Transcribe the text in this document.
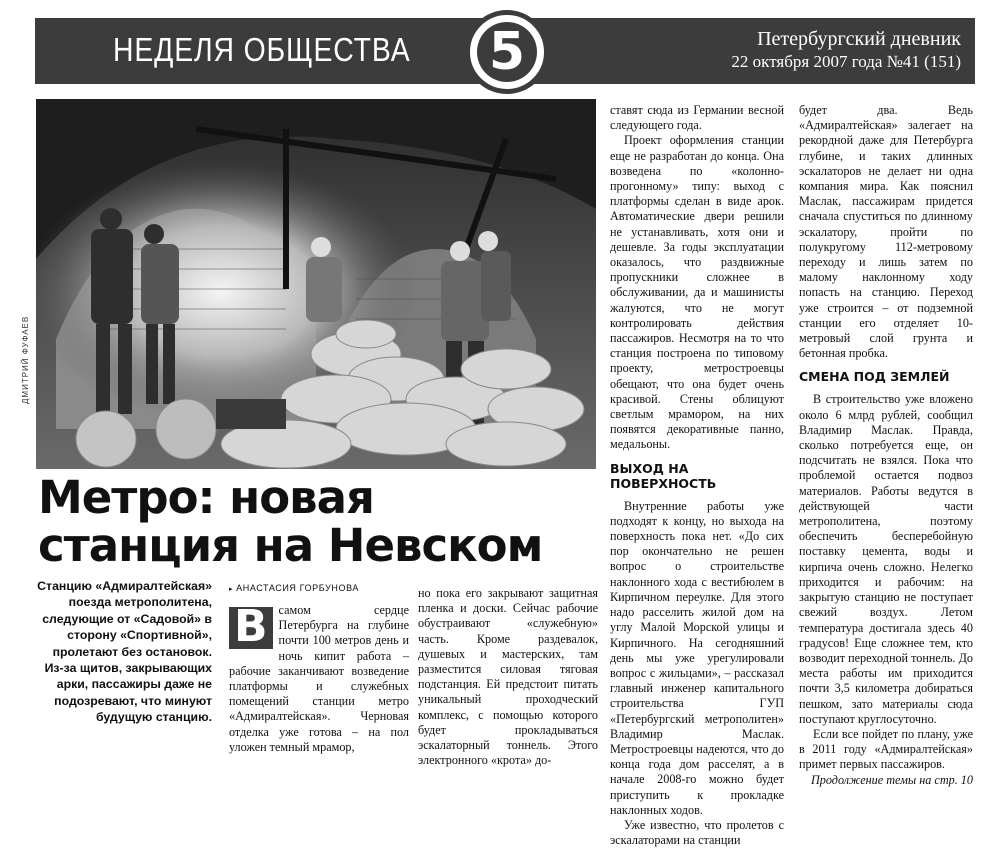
НЕДЕЛЯ ОБЩЕСТВА 5	Петербургский дневник
22 октября 2007 года №41 (151)
ДМИТРИЙ ФУФАЕВ
Метро: новая
станция на Невском
Станцию «Адмиралтейская» поезда метрополитена, следующие от «Садовой» в сторону «Спортивной», пролетают без остановок. Из-за щитов, закрывающих арки, пассажиры даже не подозревают, что минуют будущую станцию.
▸ АНАСТАСИЯ ГОРБУНОВА
В самом сердце Петербурга на глубине почти 100 метров день и ночь кипит работа – рабочие заканчивают возведение платформы и служебных помещений станции метро «Адмиралтейская». Черновая отделка уже готова – на пол уложен темный мрамор,

но пока его закрывают защитная пленка и доски. Сейчас рабочие обустраивают «служебную» часть. Кроме раздевалок, душевых и мастерских, там разместится силовая тяговая подстанция. Ей предстоит питать уникальный проходческий комплекс, с помощью которого будет прокладываться эскалаторный тоннель. Этого электронного «крота» до-

ставят сюда из Германии весной следующего года.

Проект оформления станции еще не разработан до конца. Она возведена по «колонно-прогонному» типу: выход с платформы сделан в виде арок. Автоматические двери решили не устанавливать, хотя они и дешевле. За годы эксплуатации оказалось, что раздвижные пропускники сложнее в обслуживании, да и машинисты жалуются, что не могут контролировать действия пассажиров. Несмотря на то что станция построена по типовому проекту, метростроевцы обещают, что она будет очень красивой. Стены облицуют светлым мрамором, на них появятся декоративные панно, медальоны.

ВЫХОД НА ПОВЕРХНОСТЬ

Внутренние работы уже подходят к концу, но выхода на поверхность пока нет. «До сих пор окончательно не решен вопрос о строительстве наклонного хода с вестибюлем в Кирпичном переулке. Для этого надо расселить жилой дом на углу Малой Морской улицы и Кирпичного. На сегодняшний день мы уже урегулировали вопрос с жильцами», – рассказал главный инженер капитального строительства ГУП «Петербургский метрополитен» Владимир Маслак. Метростроевцы надеются, что до конца года дом расселят, а в начале 2008-го можно будет приступить к прокладке наклонных ходов.

Уже известно, что пролетов с эскалаторами на станции

будет два. Ведь «Адмиралтейская» залегает на рекордной даже для Петербурга глубине, и таких длинных эскалаторов не делает ни одна компания мира. Как пояснил Маслак, пассажирам придется сначала спуститься по длинному эскалатору, пройти по полукругому 112-метровому переходу и лишь затем по малому наклонному ходу попасть на станцию. Переход уже строится – от подземной станции его отделяет 10-метровый слой грунта и бетонная пробка.

СМЕНА ПОД ЗЕМЛЕЙ

В строительство уже вложено около 6 млрд рублей, сообщил Владимир Маслак. Правда, сколько потребуется еще, он подсчитать не взялся. Пока что проблемой остается подвоз материалов. Работы ведутся в действующей части метрополитена, поэтому обеспечить бесперебойную поставку цемента, воды и кирпича очень сложно. Нелегко приходится и рабочим: на закрытую станцию не поступает свежий воздух. Летом температура достигала здесь 40 градусов! Еще сложнее тем, кто возводит переходной тоннель. До места работы им приходится почти 3,5 километра добираться пешком, зато материалы сюда поступают круглосуточно.

Если все пойдет по плану, уже в 2011 году «Адмиралтейская» примет первых пассажиров.

Продолжение темы на стр. 10
